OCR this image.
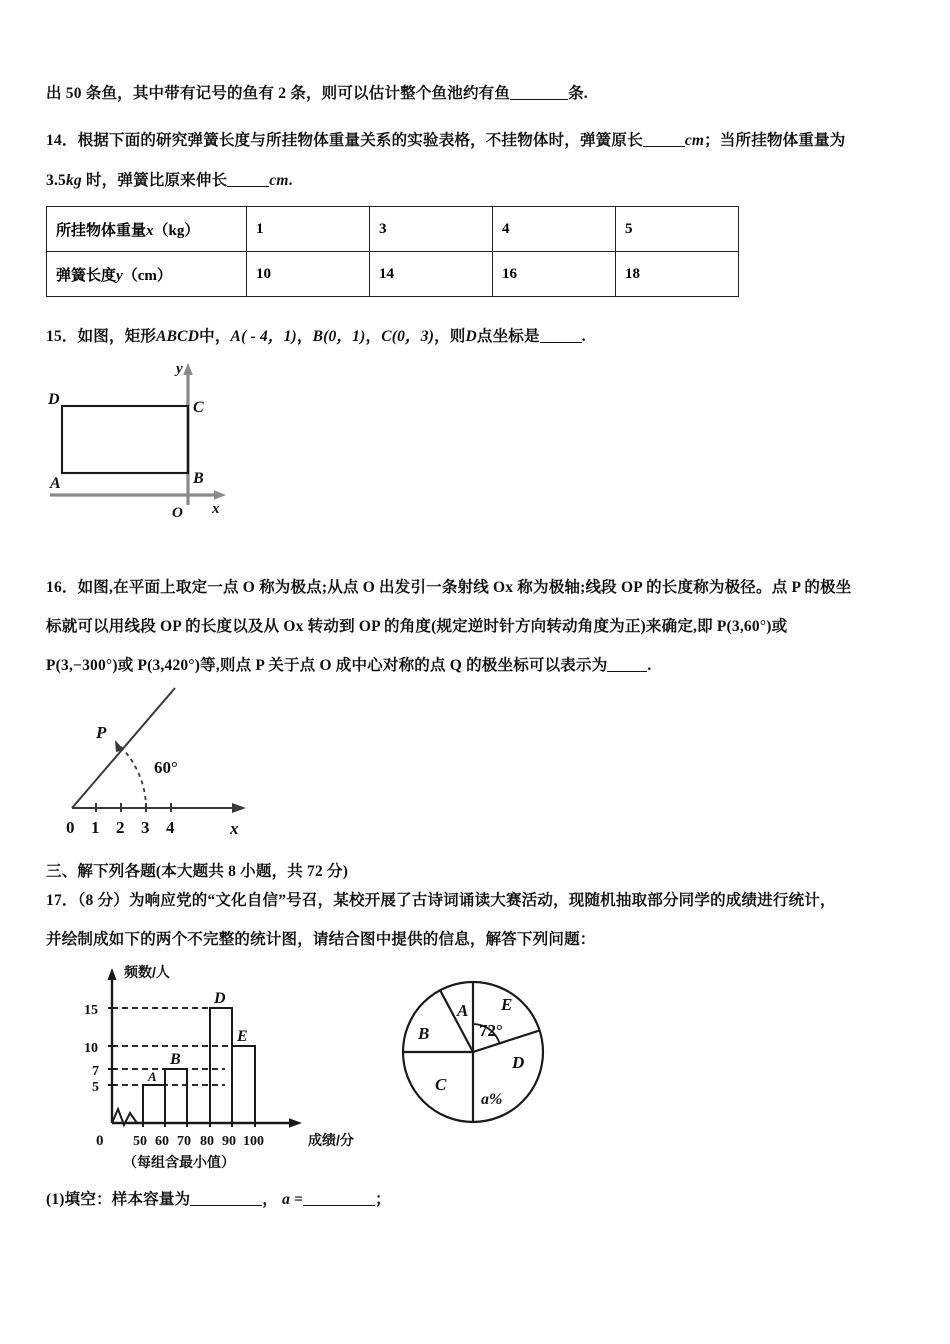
出 50 条鱼，其中带有记号的鱼有 2 条，则可以估计整个鱼池约有鱼	条.
14．根据下面的研究弹簧长度与所挂物体重量关系的实验表格，不挂物体时，弹簧原长	cm；当所挂物体重量为
3.5kg 时，弹簧比原来伸长	cm.
所挂物体重量x（kg）	1	3	4	5
弹簧长度y（cm）	10	14	16	18
15．如图，矩形ABCD中，A( - 4，1)，B(0，1)，C(0，3)，则D点坐标是	.
D	C
A	B
O x
y
16．如图,在平面上取定一点 O 称为极点;从点 O 出发引一条射线 Ox 称为极轴;线段 OP 的长度称为极径。点 P 的极坐
标就可以用线段 OP 的长度以及从 Ox 转动到 OP 的角度(规定逆时针方向转动角度为正)来确定,即 P(3,60°)或
P(3,−300°)或 P(3,420°)等,则点 P 关于点 O 成中心对称的点 Q 的极坐标可以表示为	.
P
60°
0 1 2 3 4	x
三、解下列各题(本大题共 8 小题，共 72 分)
17．（8 分）为响应党的“文化自信”号召，某校开展了古诗词诵读大赛活动，现随机抽取部分同学的成绩进行统计，
并绘制成如下的两个不完整的统计图，请结合图中提供的信息，解答下列问题：
A
B
D
E
5
7
10
15
0 50 60 70 80 90 100
频数/人
成绩/分
（每组含最小值）
A
B
C
D
E
a%
72°
(1)填空：样本容量为	， a =	；
